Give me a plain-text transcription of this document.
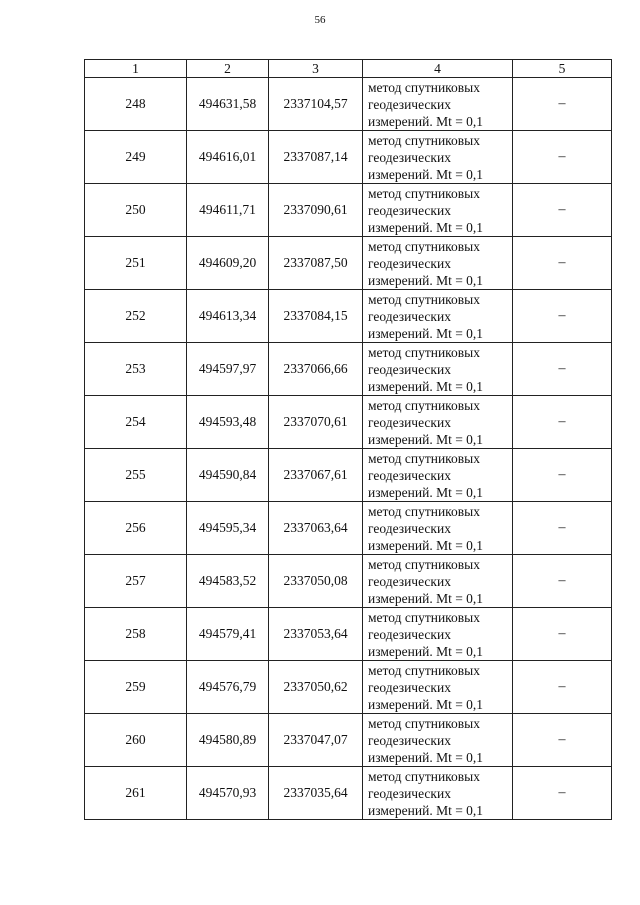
56
1	2	3	4	5
248	494631,58	2337104,57	метод спутниковых
геодезических
измерений. Mt = 0,1	–
249	494616,01	2337087,14	метод спутниковых
геодезических
измерений. Mt = 0,1	–
250	494611,71	2337090,61	метод спутниковых
геодезических
измерений. Mt = 0,1	–
251	494609,20	2337087,50	метод спутниковых
геодезических
измерений. Mt = 0,1	–
252	494613,34	2337084,15	метод спутниковых
геодезических
измерений. Mt = 0,1	–
253	494597,97	2337066,66	метод спутниковых
геодезических
измерений. Mt = 0,1	–
254	494593,48	2337070,61	метод спутниковых
геодезических
измерений. Mt = 0,1	–
255	494590,84	2337067,61	метод спутниковых
геодезических
измерений. Mt = 0,1	–
256	494595,34	2337063,64	метод спутниковых
геодезических
измерений. Mt = 0,1	–
257	494583,52	2337050,08	метод спутниковых
геодезических
измерений. Mt = 0,1	–
258	494579,41	2337053,64	метод спутниковых
геодезических
измерений. Mt = 0,1	–
259	494576,79	2337050,62	метод спутниковых
геодезических
измерений. Mt = 0,1	–
260	494580,89	2337047,07	метод спутниковых
геодезических
измерений. Mt = 0,1	–
261	494570,93	2337035,64	метод спутниковых
геодезических
измерений. Mt = 0,1	–
